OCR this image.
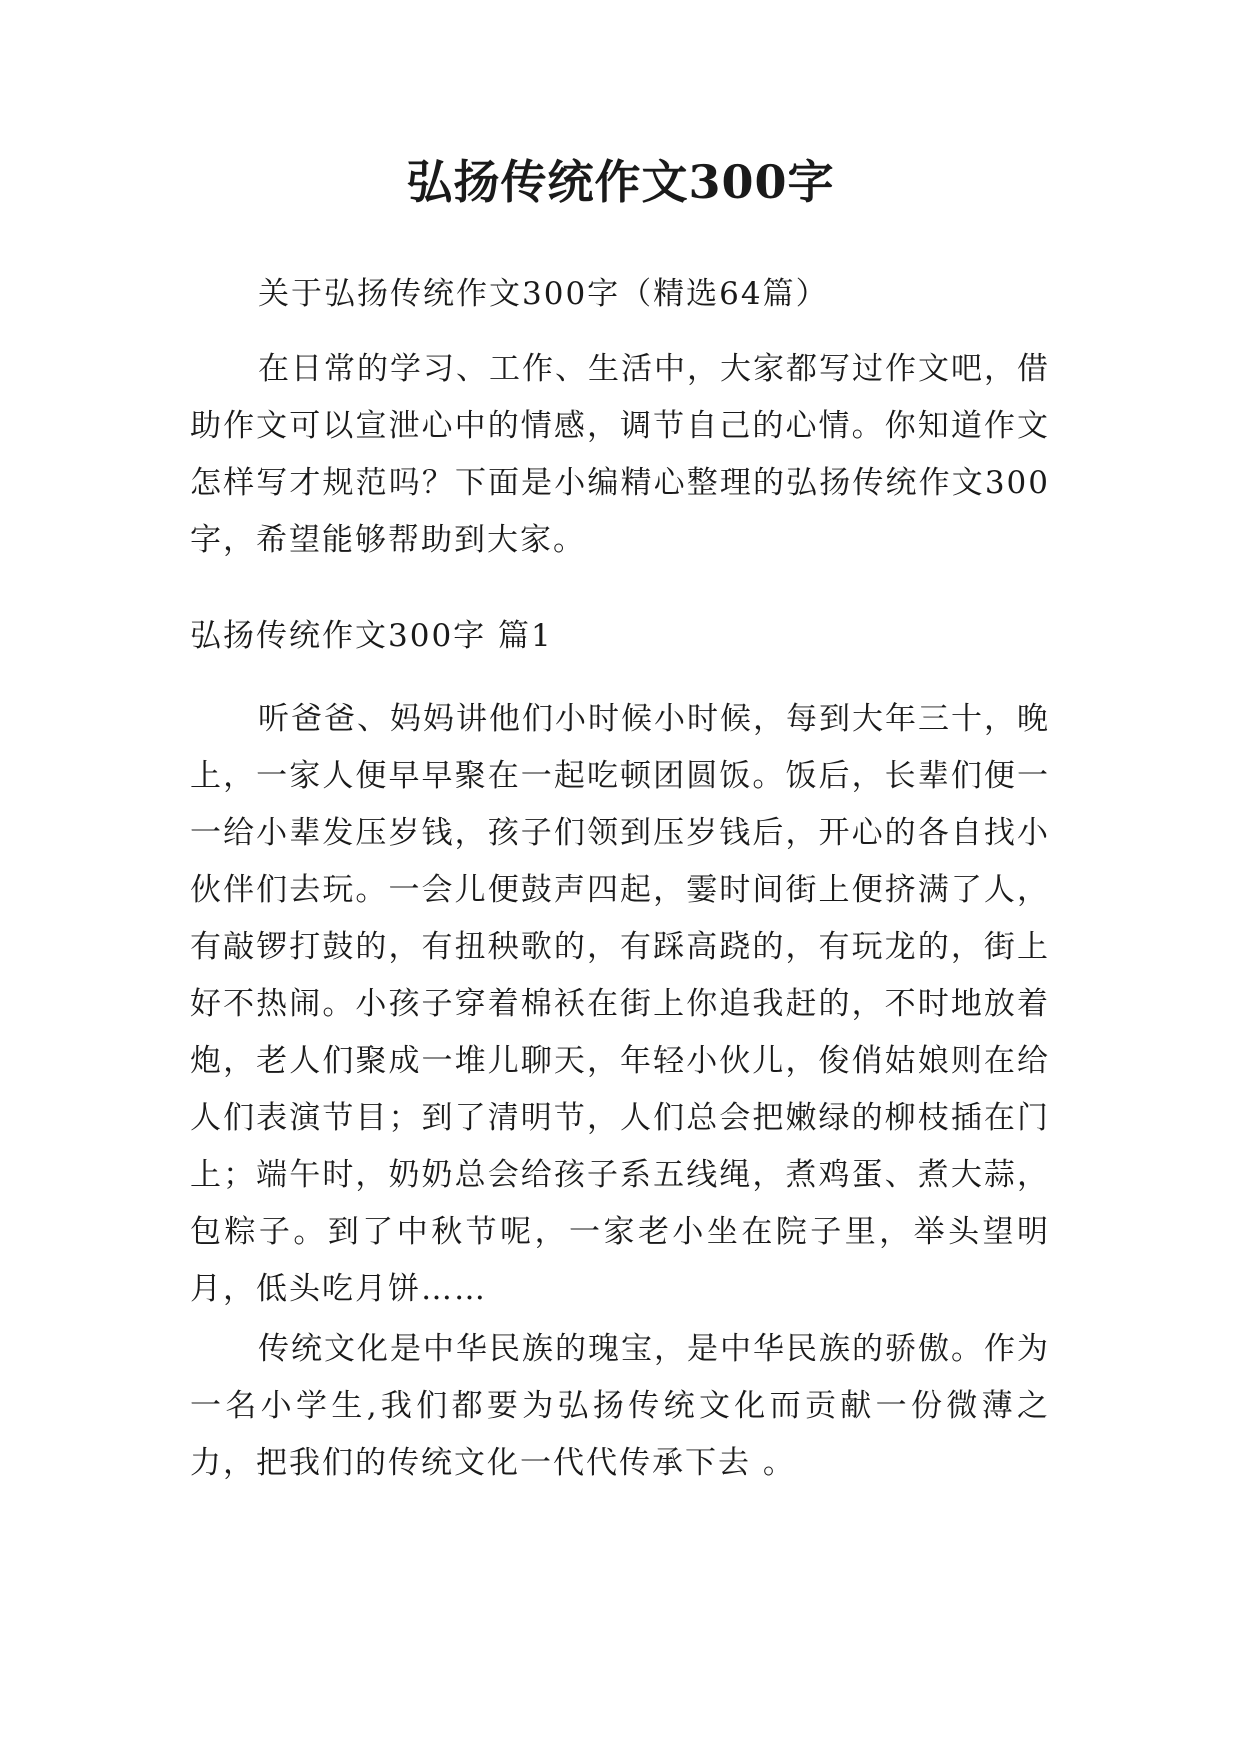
弘扬传统作文300字

关于弘扬传统作文300字（精选64篇）

在日常的学习、工作、生活中，大家都写过作文吧，借助作文可以宣泄心中的情感，调节自己的心情。你知道作文怎样写才规范吗？下面是小编精心整理的弘扬传统作文300字，希望能够帮助到大家。

弘扬传统作文300字 篇1

听爸爸、妈妈讲他们小时候小时候，每到大年三十，晚上，一家人便早早聚在一起吃顿团圆饭。饭后，长辈们便一一给小辈发压岁钱，孩子们领到压岁钱后，开心的各自找小伙伴们去玩。一会儿便鼓声四起，霎时间街上便挤满了人，有敲锣打鼓的，有扭秧歌的，有踩高跷的，有玩龙的，街上好不热闹。小孩子穿着棉袄在街上你追我赶的，不时地放着炮，老人们聚成一堆儿聊天，年轻小伙儿，俊俏姑娘则在给人们表演节目；到了清明节，人们总会把嫩绿的柳枝插在门上；端午时，奶奶总会给孩子系五线绳，煮鸡蛋、煮大蒜，包粽子。到了中秋节呢，一家老小坐在院子里，举头望明月，低头吃月饼……

传统文化是中华民族的瑰宝，是中华民族的骄傲。作为一名小学生,我们都要为弘扬传统文化而贡献一份微薄之力，把我们的传统文化一代代传承下去 。
